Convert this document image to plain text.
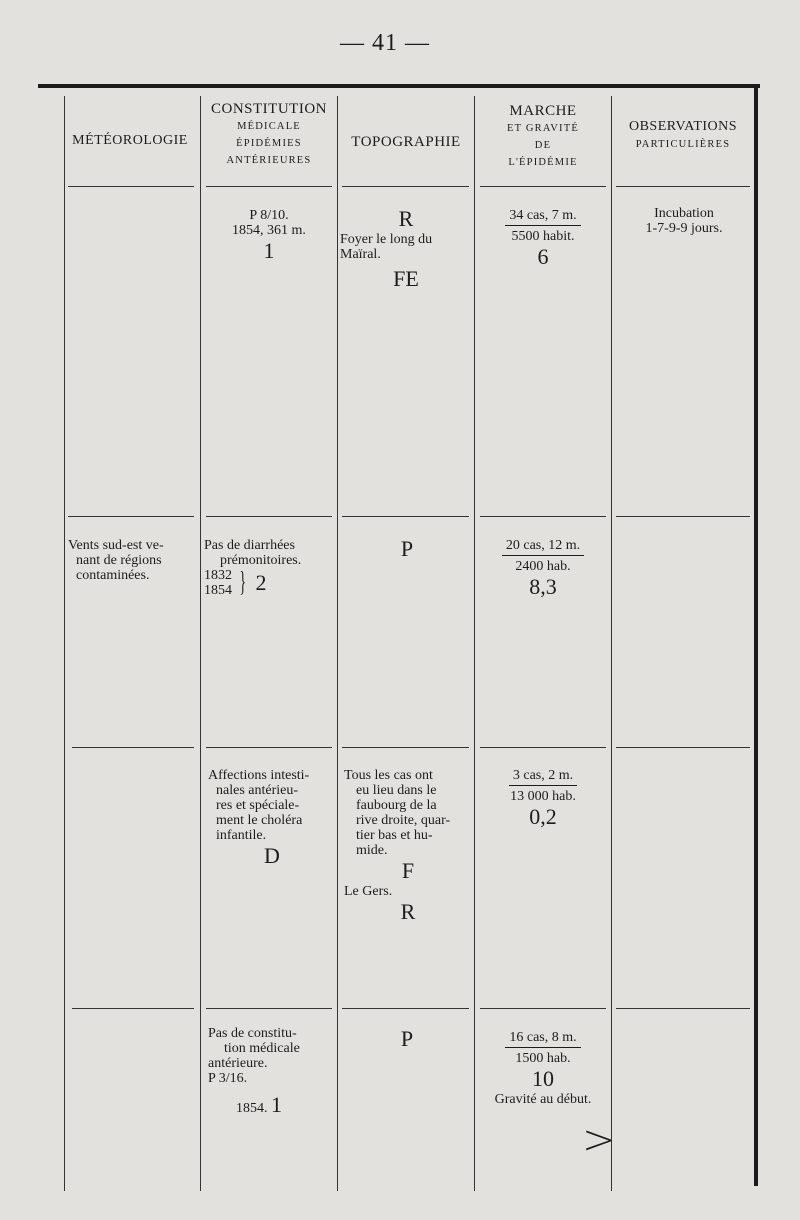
— 41 —
MÉTÉOROLOGIE
CONSTITUTION
MÉDICALE
ÉPIDÉMIES
ANTÉRIEURES
TOPOGRAPHIE
MARCHE
ET GRAVITÉ
DE
L'ÉPIDÉMIE
OBSERVATIONS
PARTICULIÈRES
P 8/10.
1854, 361 m.
1
R
Foyer le long du
Maïral.
FE
$\frac{\text{34 cas, 7 m.}}{\text{5500 habit.}}$
6
Incubation
1-7-9-9 jours.
Vents sud-est ve-
nant de régions
contaminées.
Pas de diarrhées
prémonitoires.
1832
1854 } 2
P	$\frac{\text{20 cas, 12 m.}}{\text{2400 hab.}}$
8,3
Affections intesti-
nales antérieu-
res et spéciale-
ment le choléra
infantile.
D
Tous les cas ont
eu lieu dans le
faubourg de la
rive droite, quar-
tier bas et hu-
mide.
F
Le Gers.
R
$\frac{\text{3 cas, 2 m.}}{\text{13 000 hab.}}$
0,2
Pas de constitu-
tion médicale
antérieure.
P 3/16.
1854. 1
P	$\frac{\text{16 cas, 8 m.}}{\text{1500 hab.}}$
10
Gravité au début.
>
